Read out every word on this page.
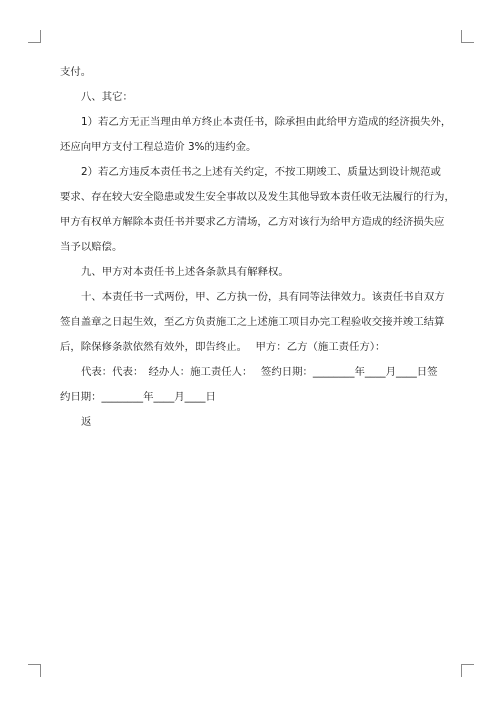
支付。
八、其它：
1）若乙方无正当理由单方终止本责任书，除承担由此给甲方造成的经济损失外，
还应向甲方支付工程总造价 3%的违约金。
2）若乙方违反本责任书之上述有关约定，不按工期竣工、质量达到设计规范或
要求、存在较大安全隐患或发生安全事故以及发生其他导致本责任收无法履行的行为，
甲方有权单方解除本责任书并要求乙方清场，乙方对该行为给甲方造成的经济损失应
当予以赔偿。
九、甲方对本责任书上述各条款具有解释权。
十、本责任书一式两份，甲、乙方执一份，具有同等法律效力。该责任书自双方
签自盖章之日起生效，至乙方负责施工之上述施工项目办完工程验收交接并竣工结算
后，除保修条款依然有效外，即告终止。　 甲方：乙方（施工责任方）：
代表：代表：　经办人：施工责任人：　 签约日期：________年____月____日签
约日期：________年____月____日
返
